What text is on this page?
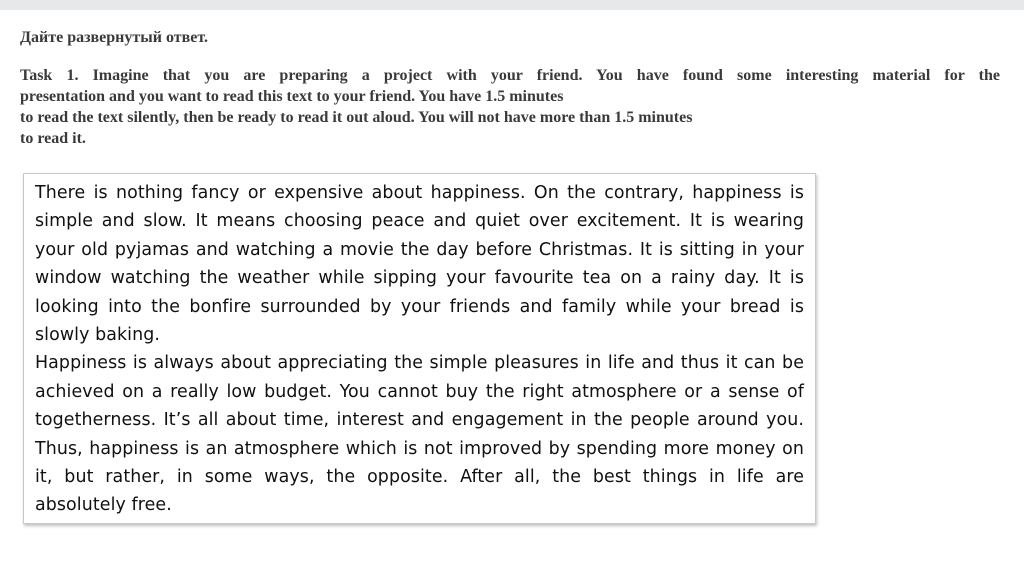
Дайте развернутый ответ.
Task 1. Imagine that you are preparing a project with your friend. You have found some interesting material for the
presentation and you want to read this text to your friend. You have 1.5 minutes
to read the text silently, then be ready to read it out aloud. You will not have more than 1.5 minutes
to read it.

There is nothing fancy or expensive about happiness. On the contrary, happiness is simple and slow. It means choosing peace and quiet over excitement. It is wearing your old pyjamas and watching a movie the day before Christmas. It is sitting in your window watching the weather while sipping your favourite tea on a rainy day. It is looking into the bonfire surrounded by your friends and family while your bread is slowly baking.

Happiness is always about appreciating the simple pleasures in life and thus it can be achieved on a really low budget. You cannot buy the right atmosphere or a sense of togetherness. It’s all about time, interest and engagement in the people around you. Thus, happiness is an atmosphere which is not improved by spending more money on it, but rather, in some ways, the opposite. After all, the best things in life are absolutely free.
